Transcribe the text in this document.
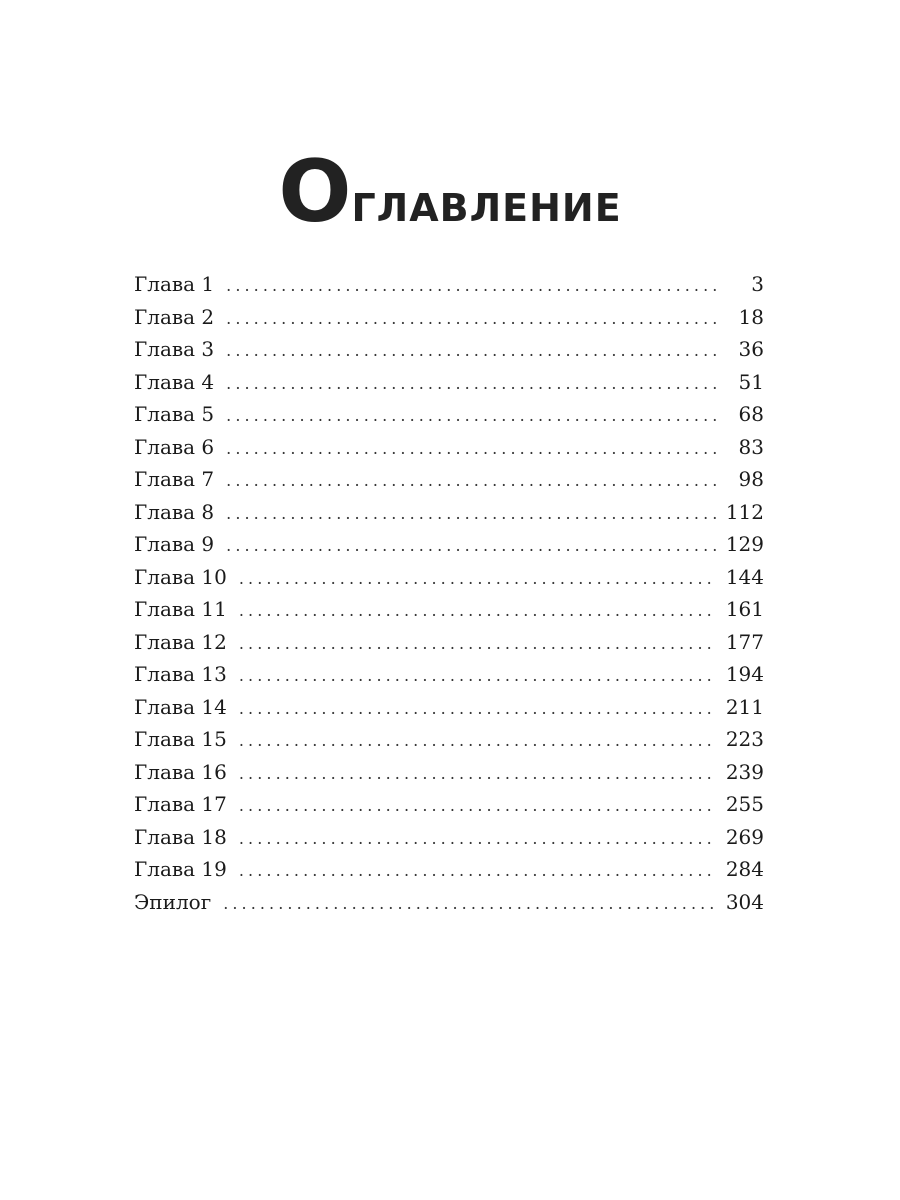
ОГЛАВЛЕНИЕ
Глава 1 . . .	3
Глава 2 . . .	18
Глава 3 . . .	36
Глава 4 . . .	51
Глава 5 . . .	68
Глава 6 . . .	83
Глава 7 . . .	98
Глава 8 . . .	112
Глава 9 . . .	129
Глава 10 . . .	144
Глава 11 . . .	161
Глава 12 . . .	177
Глава 13 . . .	194
Глава 14 . . .	211
Глава 15 . . .	223
Глава 16 . . .	239
Глава 17 . . .	255
Глава 18 . . .	269
Глава 19 . . .	284
Эпилог . . .	304
